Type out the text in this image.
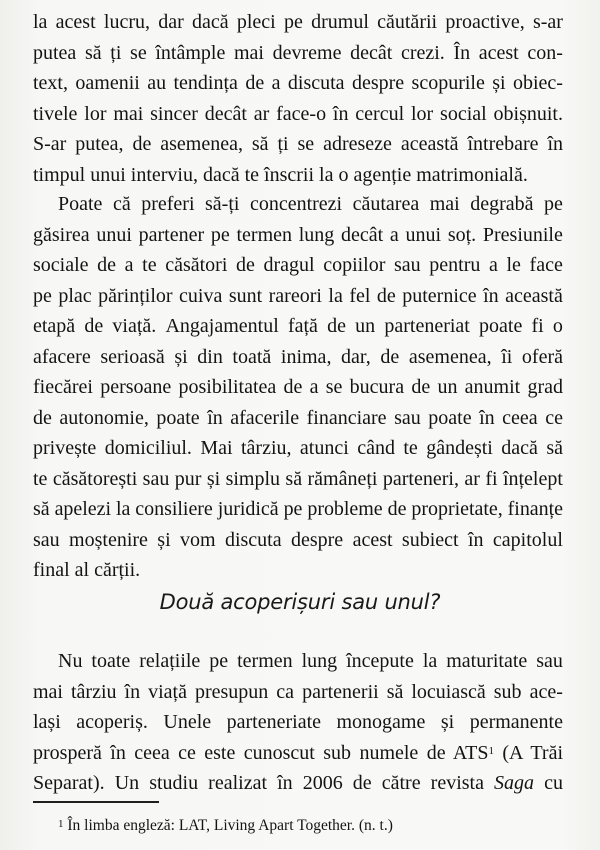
la acest lucru, dar dacă pleci pe drumul căutării proactive, s-ar
putea să ți se întâmple mai devreme decât crezi. În acest con-
text, oamenii au tendința de a discuta despre scopurile și obiec-
tivele lor mai sincer decât ar face-o în cercul lor social obișnuit.
S-ar putea, de asemenea, să ți se adreseze această întrebare în
timpul unui interviu, dacă te înscrii la o agenție matrimonială.
Poate că preferi să-ți concentrezi căutarea mai degrabă pe
găsirea unui partener pe termen lung decât a unui soț. Presiunile
sociale de a te căsători de dragul copiilor sau pentru a le face
pe plac părinților cuiva sunt rareori la fel de puternice în această
etapă de viață. Angajamentul față de un parteneriat poate fi o
afacere serioasă și din toată inima, dar, de asemenea, îi oferă
fiecărei persoane posibilitatea de a se bucura de un anumit grad
de autonomie, poate în afacerile financiare sau poate în ceea ce
privește domiciliul. Mai târziu, atunci când te gândești dacă să
te căsătorești sau pur și simplu să rămâneți parteneri, ar fi înțelept
să apelezi la consiliere juridică pe probleme de proprietate, finanțe
sau moștenire și vom discuta despre acest subiect în capitolul
final al cărții.
Două acoperișuri sau unul?
Nu toate relațiile pe termen lung începute la maturitate sau
mai târziu în viață presupun ca partenerii să locuiască sub ace-
lași acoperiș. Unele parteneriate monogame și permanente
prosperă în ceea ce este cunoscut sub numele de ATS$^1$ (A Trăi
Separat). Un studiu realizat în 2006 de către revista Saga cu
$^1$ În limba engleză: LAT, Living Apart Together. (n. t.)
